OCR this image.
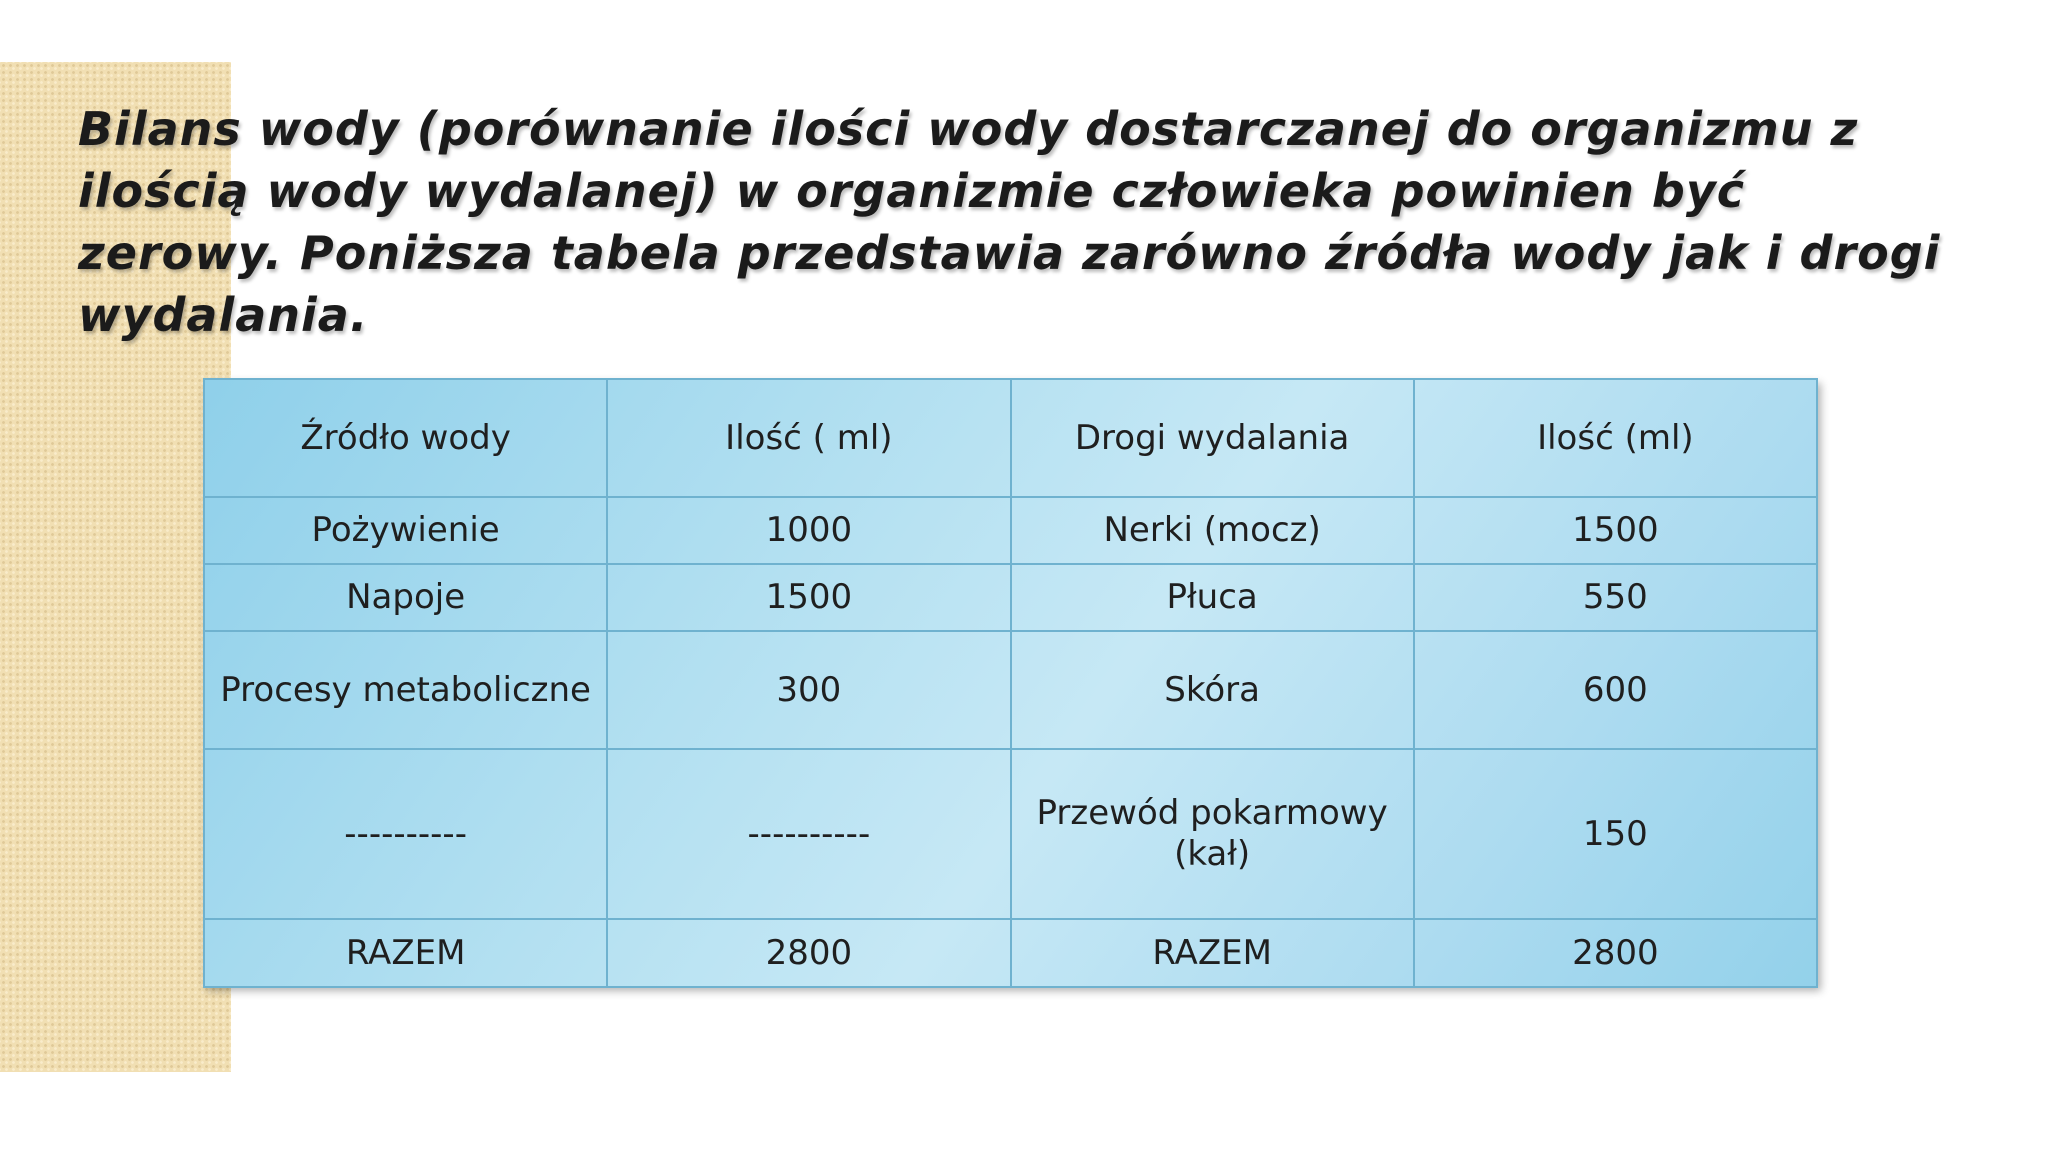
Bilans wody (porównanie ilości wody dostarczanej do organizmu z ilością wody wydalanej) w organizmie człowieka powinien być zerowy. Poniższa tabela przedstawia zarówno źródła wody jak i drogi wydalania.

Źródło wody	Ilość ( ml)	Drogi wydalania	Ilość (ml)
Pożywienie	1000	Nerki (mocz)	1500
Napoje	1500	Płuca	550
Procesy metaboliczne	300	Skóra	600
----------	----------	Przewód pokarmowy (kał)	150
RAZEM	2800	RAZEM	2800
